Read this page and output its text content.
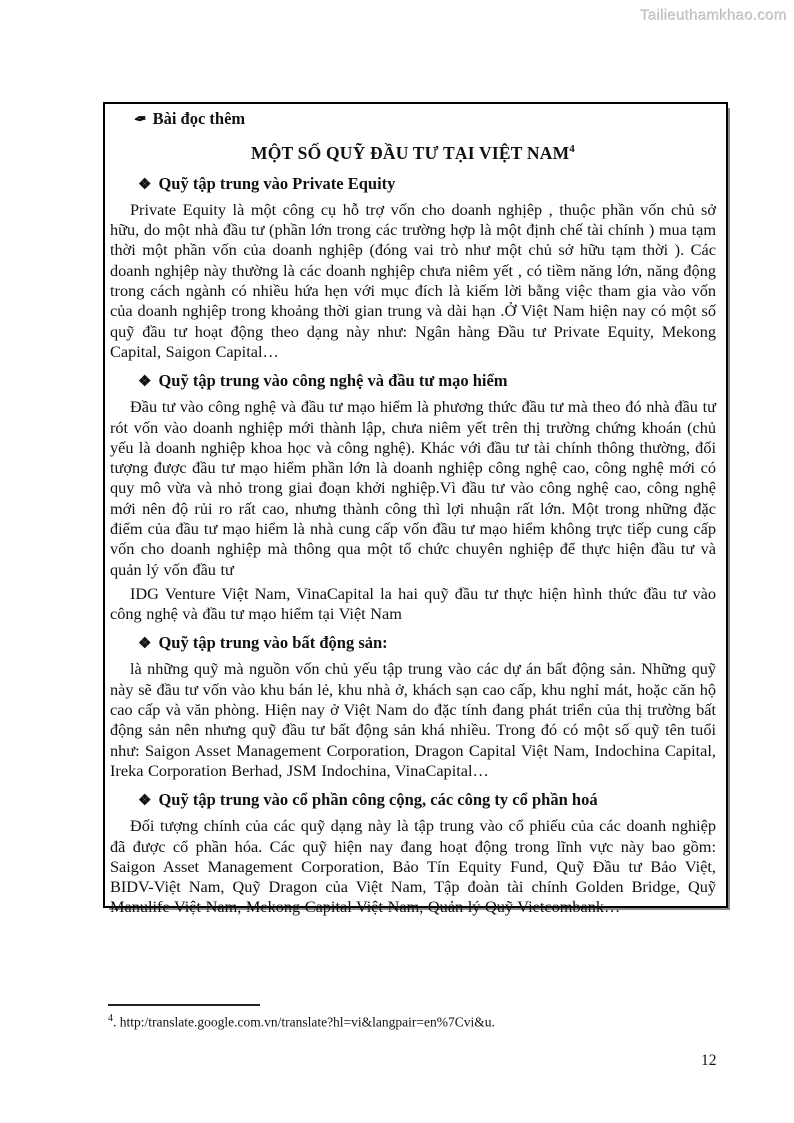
Tailieuthamkhao.com

✒ Bài đọc thêm

MỘT SỐ QUỸ ĐẦU TƯ TẠI VIỆT NAM$^4$
❖ Quỹ tập trung vào Private Equity

Private Equity là một công cụ hỗ trợ vốn cho doanh nghịêp , thuộc phần vốn chủ sở hữu, do một nhà đầu tư (phần lớn trong các trường hợp là một định chế tài chính ) mua tạm thời một phần vốn của doanh nghịêp (đóng vai trò như một chủ sở hữu tạm thời ). Các doanh nghịêp này thường là các doanh nghịêp chưa niêm yết , có tiềm năng lớn, năng động trong cách ngành có nhiều hứa hẹn với mục đích là kiếm lời bằng việc tham gia vào vốn của doanh nghịêp trong khoảng thời gian trung và dài hạn .Ở Việt Nam hiện nay có một số quỹ đầu tư hoạt động theo dạng này như: Ngân hàng Đầu tư Private Equity, Mekong Capital, Saigon Capital…

❖ Quỹ tập trung vào công nghệ và đầu tư mạo hiểm

Đầu tư vào công nghệ và đầu tư mạo hiểm là phương thức đầu tư mà theo đó nhà đầu tư rót vốn vào doanh nghiệp mới thành lập, chưa niêm yết trên thị trường chứng khoán (chủ yếu là doanh nghiệp khoa học và công nghệ). Khác với đầu tư tài chính thông thường, đối tượng được đầu tư mạo hiểm phần lớn là doanh nghiệp công nghệ cao, công nghệ mới có quy mô vừa và nhỏ trong giai đoạn khởi nghiệp.Vì đầu tư vào công nghệ cao, công nghệ mới nên độ rủi ro rất cao, nhưng thành công thì lợi nhuận rất lớn. Một trong những đặc điểm của đầu tư mạo hiểm là nhà cung cấp vốn đầu tư mạo hiểm không trực tiếp cung cấp vốn cho doanh nghiệp mà thông qua một tổ chức chuyên nghiệp để thực hiện đầu tư và quản lý vốn đầu tư

IDG Venture Việt Nam, VinaCapital la hai quỹ đầu tư thực hiện hình thức đầu tư vào công nghệ và đầu tư mạo hiểm tại Việt Nam

❖ Quỹ tập trung vào bất động sản:

là những quỹ mà nguồn vốn chủ yếu tập trung vào các dự án bất động sản. Những quỹ này sẽ đầu tư vốn vào khu bán lẻ, khu nhà ở, khách sạn cao cấp, khu nghỉ mát, hoặc căn hộ cao cấp và văn phòng. Hiện nay ở Việt Nam do đặc tính đang phát triển của thị trường bất động sản nên nhưng quỹ đầu tư bất động sản khá nhiều. Trong đó có một số quỹ tên tuổi như: Saigon Asset Management Corporation, Dragon Capital Việt Nam, Indochina Capital, Ireka Corporation Berhad, JSM Indochina, VinaCapital…

❖ Quỹ tập trung vào cổ phần công cộng, các công ty cổ phần hoá

Đối tượng chính của các quỹ dạng này là tập trung vào cổ phiếu của các doanh nghiệp đã được cổ phần hóa. Các quỹ hiện nay đang hoạt động trong lĩnh vực này bao gồm: Saigon Asset Management Corporation, Bảo Tín Equity Fund, Quỹ Đầu tư Bảo Việt, BIDV-Việt Nam, Quỹ Dragon của Việt Nam, Tập đoàn tài chính Golden Bridge, Quỹ Manulife Việt Nam, Mekong Capital Việt Nam, Quản lý Quỹ Vietcombank…

$^4$. http:/translate.google.com.vn/translate?hl=vi&langpair=en%7Cvi&u.

12
